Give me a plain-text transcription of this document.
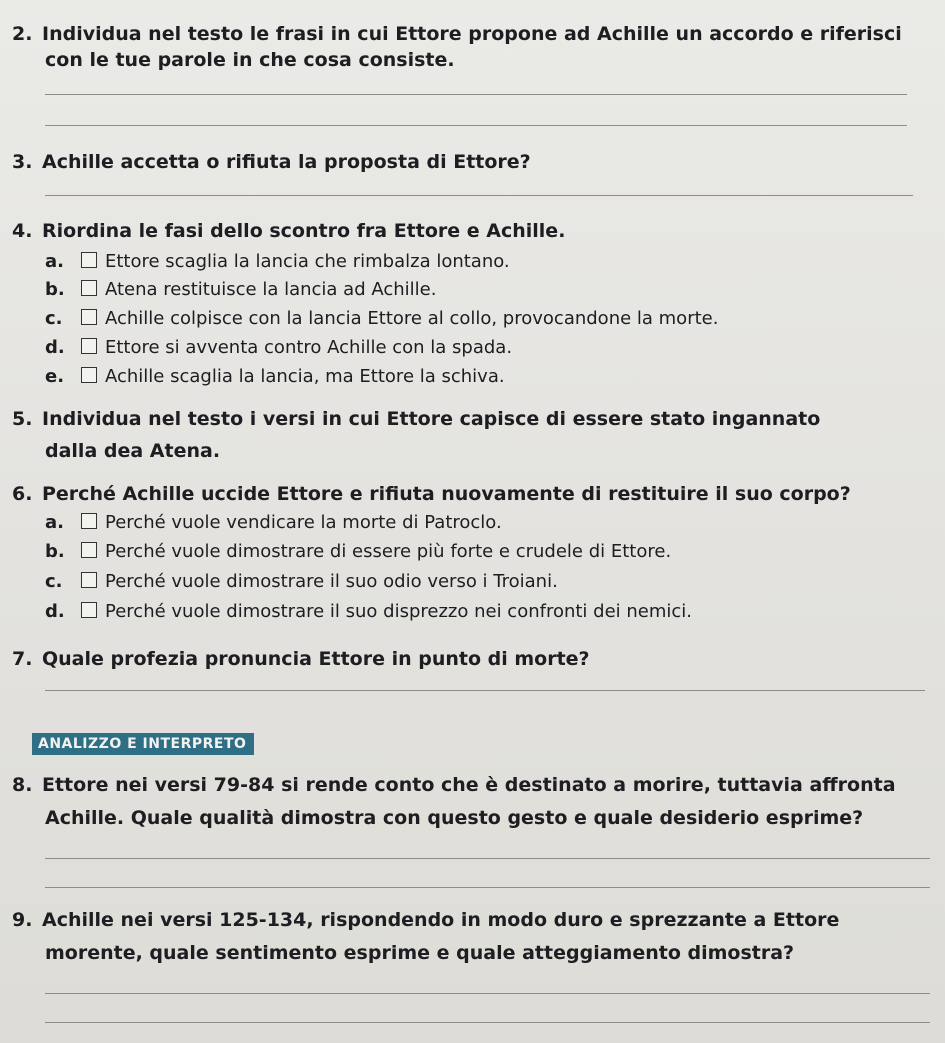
2. Individua nel testo le frasi in cui Ettore propone ad Achille un accordo e riferisci
con le tue parole in che cosa consiste.
3. Achille accetta o rifiuta la proposta di Ettore?
4. Riordina le fasi dello scontro fra Ettore e Achille.
a. Ettore scaglia la lancia che rimbalza lontano.
b. Atena restituisce la lancia ad Achille.
c. Achille colpisce con la lancia Ettore al collo, provocandone la morte.
d. Ettore si avventa contro Achille con la spada.
e. Achille scaglia la lancia, ma Ettore la schiva.
5. Individua nel testo i versi in cui Ettore capisce di essere stato ingannato
dalla dea Atena.
6. Perché Achille uccide Ettore e rifiuta nuovamente di restituire il suo corpo?
a. Perché vuole vendicare la morte di Patroclo.
b. Perché vuole dimostrare di essere più forte e crudele di Ettore.
c. Perché vuole dimostrare il suo odio verso i Troiani.
d. Perché vuole dimostrare il suo disprezzo nei confronti dei nemici.
7. Quale profezia pronuncia Ettore in punto di morte?
ANALIZZO E INTERPRETO
8. Ettore nei versi 79-84 si rende conto che è destinato a morire, tuttavia affronta
Achille. Quale qualità dimostra con questo gesto e quale desiderio esprime?
9. Achille nei versi 125-134, rispondendo in modo duro e sprezzante a Ettore
morente, quale sentimento esprime e quale atteggiamento dimostra?
